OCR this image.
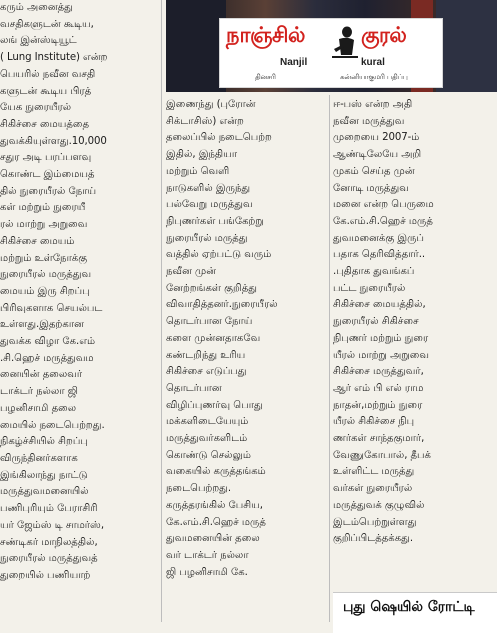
நாஞ்சில்	குரல்
Nanjil	kural
தினசரி	கன்னியாகுமரி பதிப்பு
கரும் அனைத்து
வசதிகளுடன் கூடிய,
லங் இன்ஸ்டியூட்
( Lung Institute) என்ற
பெயரில் நவீன வசதி
களுடன் கூடிய பிரத்
யேக நுரையீரல்
சிகிச்சை மையத்தை
துவக்கியுள்ளது.10,000
சதுர அடி பரப்பளவு
கொண்ட இம்மையத்
தில் நுரையீரல் நோய்
கள் மற்றும் நுரையீ
ரல் மாற்று அறுவை
சிகிச்சை மையம்
மற்றும் உள்நோக்கு
நுரையீரல் மருத்துவ
மையம் இரு சிறப்பு
பிரிவுகளாக செயல்பட
உள்ளது.இதற்கான
துவக்க விழா கே.எம்
.சி.ஹெச் மருத்துவம
னையின் தலைவர்
டாக்டர் நல்லா ஜி
பழனிசாமி தலை
மையில் நடைபெற்றது.
நிகழ்ச்சியில் சிறப்பு
விருந்தினர்களாக
இங்கிலாந்து நாட்டு
மருத்துவமனையில்
பணிபுரியும் பேராசிரி
யர் ஜேம்ஸ் டி சாமர்ஸ்,
சண்டிகர் மாநிலத்தில்,
நுரையீரல் மருத்துவத்
துறையில் பணியாற்
இணைந்து (புரோன்
சிக்டாசிஸ்) என்ற
தலைப்பில் நடைபெற்ற
இதில், இந்தியா
மற்றும் வெளி
நாடுகளில் இருந்து
பல்வேறு மருத்துவ
நிபுணர்கள் பங்கேற்று
நுரையீரல் மருத்து
வத்தில் ஏற்பட்டு வரும்
நவீன முன்
னேற்றங்கள் குறித்து
விவாதித்தனர்.நுரையீரல்
தொடர்பான நோய்
களை முன்னதாகவே
கண்டறிந்து உரிய
சிகிச்சை எடுப்பது
தொடர்பான
விழிப்புணர்வு பொது
மக்களிடையேயும்
மருத்துவர்களிடம்
கொண்டு செல்லும்
வகையில் கருத்தங்கம்
நடைபெற்றது.
கருத்தரங்கில் பேசிய,
கே.எம்.சி.ஹெச் மருத்
துவமனையின் தலை
வர் டாக்டர் நல்லா
ஜி பழனிசாமி கே.
ஈ-பஸ் என்ற அதி
நவீன மருத்துவ
முறையை 2007-ம்
ஆண்டிலேயே அறி
முகம் செய்த முன்
னோடி மருத்துவ
மனை என்ற பெருமை
கே.எம்.சி.ஹெச் மருத்
துவமனைக்கு இருப்
பதாக தெரிவித்தார்..
.புதிதாக துவங்கப்
பட்ட நுரையீரல்
சிகிச்சை மையத்தில்,
நுரையீரல் சிகிச்சை
நிபுணர் மற்றும் நுரை
யீரல் மாற்று அறுவை
சிகிச்சை மருத்துவர்,
ஆர் எம் பி எல் ராம
நாதன்,மற்றும் நுரை
யீரல் சிகிச்சை நிபு
ணர்கள் சாந்தகுமார்,
வேணுகோபால், தீபக்
உள்ளிட்ட மருத்து
வர்கள் நுரையீரல்
மருத்துவக் குழுவில்
இடம்பெற்றுள்ளது
குறிப்பிடத்தக்கது.
புது ஷெயில் ரோட்டி
